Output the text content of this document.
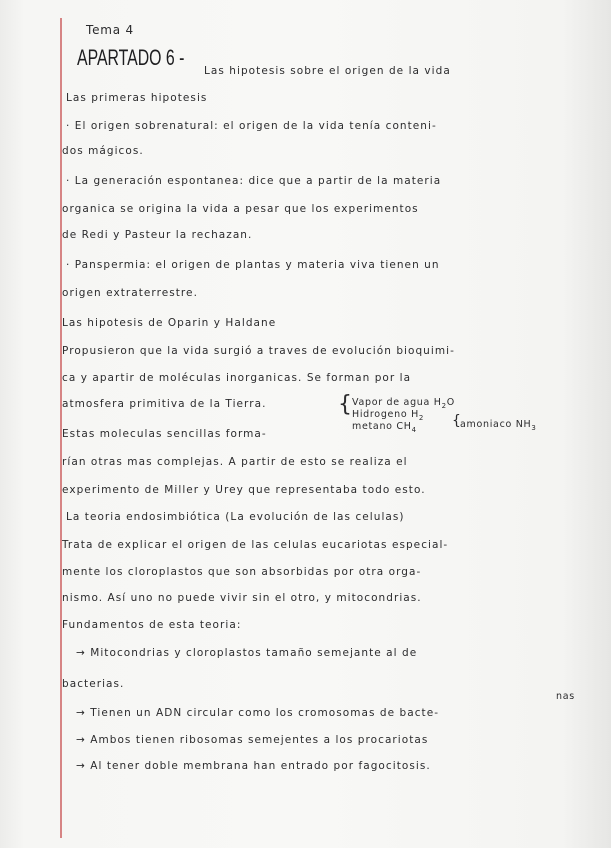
Tema 4
APARTADO 6 -
Las hipotesis sobre el origen de la vida
Las primeras hipotesis
· El origen sobrenatural: el origen de la vida tenía conteni-
dos mágicos.
· La generación espontanea: dice que a partir de la materia
organica se origina la vida a pesar que los experimentos
de Redi y Pasteur la rechazan.
· Panspermia: el origen de plantas y materia viva tienen un
origen extraterrestre.
Las hipotesis de Oparin y Haldane
Propusieron que la vida surgió a traves de evolución bioquimi-
ca y apartir de moléculas inorganicas. Se forman por la
atmosfera primitiva de la Tierra.	{ Vapor de agua $H_2O$
Hidrogeno $H_2$
metano $CH_4$
{ amoniaco $NH_3$
Estas moleculas sencillas forma-
rían otras mas complejas. A partir de esto se realiza el
experimento de Miller y Urey que representaba todo esto.
La teoria endosimbiótica (La evolución de las celulas)
Trata de explicar el origen de las celulas eucariotas especial-
mente los cloroplastos que son absorbidas por otra orga-
nismo. Así uno no puede vivir sin el otro, y mitocondrias.
Fundamentos de esta teoria:
→ Mitocondrias y cloroplastos tamaño semejante al de
bacterias.
nas
→ Tienen un ADN circular como los cromosomas de bacte-
→ Ambos tienen ribosomas semejentes a los procariotas
→ Al tener doble membrana han entrado por fagocitosis.
